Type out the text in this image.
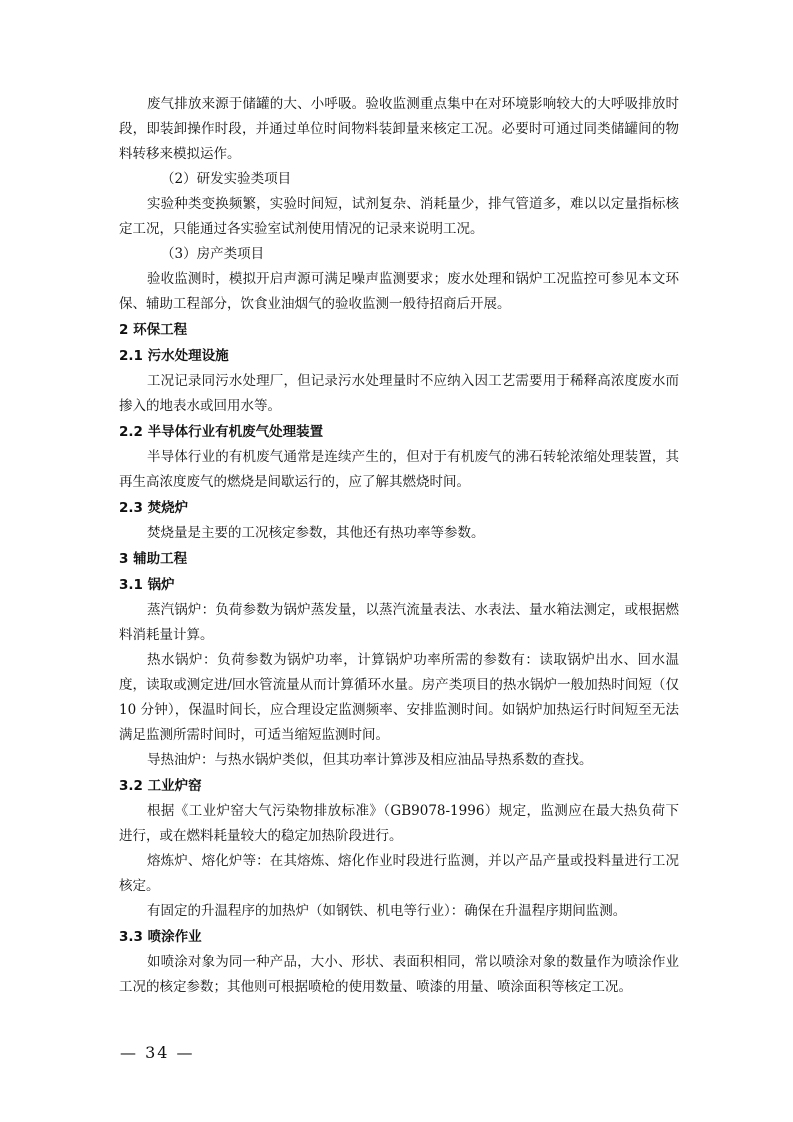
废气排放来源于储罐的大、小呼吸。验收监测重点集中在对环境影响较大的大呼吸排放时段，即装卸操作时段，并通过单位时间物料装卸量来核定工况。必要时可通过同类储罐间的物料转移来模拟运作。

（2）研发实验类项目

实验种类变换频繁，实验时间短，试剂复杂、消耗量少，排气管道多，难以以定量指标核定工况，只能通过各实验室试剂使用情况的记录来说明工况。

（3）房产类项目

验收监测时，模拟开启声源可满足噪声监测要求；废水处理和锅炉工况监控可参见本文环保、辅助工程部分，饮食业油烟气的验收监测一般待招商后开展。

2 环保工程
2.1 污水处理设施

工况记录同污水处理厂，但记录污水处理量时不应纳入因工艺需要用于稀释高浓度废水而掺入的地表水或回用水等。

2.2 半导体行业有机废气处理装置

半导体行业的有机废气通常是连续产生的，但对于有机废气的沸石转轮浓缩处理装置，其再生高浓度废气的燃烧是间歇运行的，应了解其燃烧时间。

2.3 焚烧炉

焚烧量是主要的工况核定参数，其他还有热功率等参数。

3 辅助工程
3.1 锅炉

蒸汽锅炉：负荷参数为锅炉蒸发量，以蒸汽流量表法、水表法、量水箱法测定，或根据燃料消耗量计算。

热水锅炉：负荷参数为锅炉功率，计算锅炉功率所需的参数有：读取锅炉出水、回水温度，读取或测定进/回水管流量从而计算循环水量。房产类项目的热水锅炉一般加热时间短（仅 10 分钟），保温时间长，应合理设定监测频率、安排监测时间。如锅炉加热运行时间短至无法满足监测所需时间时，可适当缩短监测时间。

导热油炉：与热水锅炉类似，但其功率计算涉及相应油品导热系数的查找。

3.2 工业炉窑

根据《工业炉窑大气污染物排放标准》（GB9078-1996）规定，监测应在最大热负荷下进行，或在燃料耗量较大的稳定加热阶段进行。

熔炼炉、熔化炉等：在其熔炼、熔化作业时段进行监测，并以产品产量或投料量进行工况核定。

有固定的升温程序的加热炉（如钢铁、机电等行业）：确保在升温程序期间监测。

3.3 喷涂作业

如喷涂对象为同一种产品，大小、形状、表面积相同，常以喷涂对象的数量作为喷涂作业工况的核定参数；其他则可根据喷枪的使用数量、喷漆的用量、喷涂面积等核定工况。

— 34 —
